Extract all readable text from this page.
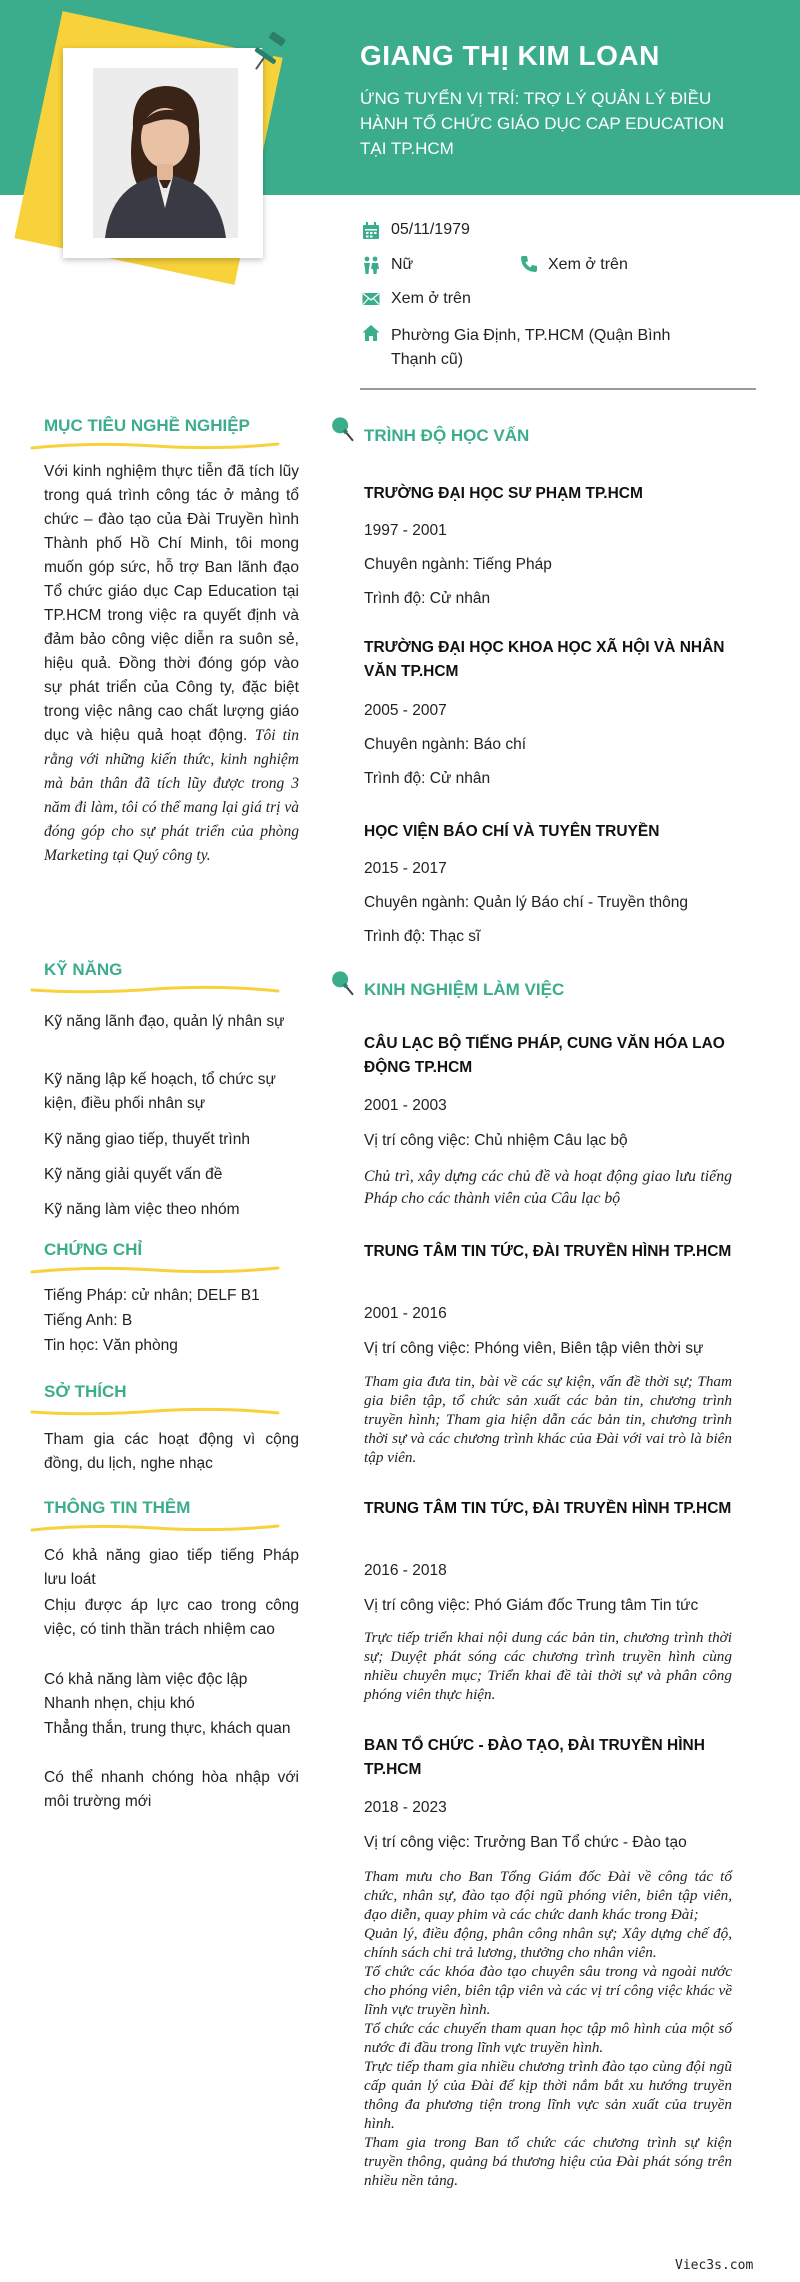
GIANG THỊ KIM LOAN
ỨNG TUYỂN VỊ TRÍ: TRỢ LÝ QUẢN LÝ ĐIỀU HÀNH TỔ CHỨC GIÁO DỤC CAP EDUCATION TẠI TP.HCM
05/11/1979
Nữ	Xem ở trên
Xem ở trên
Phường Gia Định, TP.HCM (Quận Bình Thạnh cũ)
MỤC TIÊU NGHỀ NGHIỆP
Với kinh nghiệm thực tiễn đã tích lũy trong quá trình công tác ở mảng tổ chức – đào tạo của Đài Truyền hình Thành phố Hồ Chí Minh, tôi mong muốn góp sức, hỗ trợ Ban lãnh đạo Tổ chức giáo dục Cap Education tại TP.HCM trong việc ra quyết định và đảm bảo công việc diễn ra suôn sẻ, hiệu quả. Đồng thời đóng góp vào sự phát triển của Công ty, đặc biệt trong việc nâng cao chất lượng giáo dục và hiệu quả hoạt động. Tôi tin rằng với những kiến thức, kinh nghiệm mà bản thân đã tích lũy được trong 3 năm đi làm, tôi có thể mang lại giá trị và đóng góp cho sự phát triển của phòng Marketing tại Quý công ty.
KỸ NĂNG
Kỹ năng lãnh đạo, quản lý nhân sự
Kỹ năng lập kế hoạch, tổ chức sự kiện, điều phối nhân sự
Kỹ năng giao tiếp, thuyết trình
Kỹ năng giải quyết vấn đề
Kỹ năng làm việc theo nhóm
CHỨNG CHỈ
Tiếng Pháp: cử nhân; DELF B1
Tiếng Anh: B
Tin học: Văn phòng
SỞ THÍCH
Tham gia các hoạt động vì cộng đồng, du lịch, nghe nhạc
THÔNG TIN THÊM
Có khả năng giao tiếp tiếng Pháp lưu loát
Chịu được áp lực cao trong công việc, có tinh thần trách nhiệm cao
Có khả năng làm việc độc lập
Nhanh nhẹn, chịu khó
Thẳng thắn, trung thực, khách quan
Có thể nhanh chóng hòa nhập với môi trường mới
TRÌNH ĐỘ HỌC VẤN
TRƯỜNG ĐẠI HỌC SƯ PHẠM TP.HCM
1997 - 2001
Chuyên ngành: Tiếng Pháp
Trình độ: Cử nhân
TRƯỜNG ĐẠI HỌC KHOA HỌC XÃ HỘI VÀ NHÂN VĂN TP.HCM
2005 - 2007
Chuyên ngành: Báo chí
Trình độ: Cử nhân
HỌC VIỆN BÁO CHÍ VÀ TUYÊN TRUYỀN
2015 - 2017
Chuyên ngành: Quản lý Báo chí - Truyền thông
Trình độ: Thạc sĩ
KINH NGHIỆM LÀM VIỆC
CÂU LẠC BỘ TIẾNG PHÁP, CUNG VĂN HÓA LAO ĐỘNG TP.HCM
2001 - 2003
Vị trí công việc: Chủ nhiệm Câu lạc bộ
Chủ trì, xây dựng các chủ đề và hoạt động giao lưu tiếng Pháp cho các thành viên của Câu lạc bộ
TRUNG TÂM TIN TỨC, ĐÀI TRUYỀN HÌNH TP.HCM
2001 - 2016
Vị trí công việc: Phóng viên, Biên tập viên thời sự
Tham gia đưa tin, bài về các sự kiện, vấn đề thời sự; Tham gia biên tập, tổ chức sản xuất các bản tin, chương trình truyền hình; Tham gia hiện dẫn các bản tin, chương trình thời sự và các chương trình khác của Đài với vai trò là biên tập viên.
TRUNG TÂM TIN TỨC, ĐÀI TRUYỀN HÌNH TP.HCM
2016 - 2018
Vị trí công việc: Phó Giám đốc Trung tâm Tin tức
Trực tiếp triển khai nội dung các bản tin, chương trình thời sự; Duyệt phát sóng các chương trình truyền hình cùng nhiều chuyên mục; Triển khai đề tài thời sự và phân công phóng viên thực hiện.
BAN TỔ CHỨC - ĐÀO TẠO, ĐÀI TRUYỀN HÌNH TP.HCM
2018 - 2023
Vị trí công việc: Trưởng Ban Tổ chức - Đào tạo
Tham mưu cho Ban Tổng Giám đốc Đài về công tác tổ chức, nhân sự, đào tạo đội ngũ phóng viên, biên tập viên, đạo diễn, quay phim và các chức danh khác trong Đài;
Quản lý, điều động, phân công nhân sự; Xây dựng chế độ, chính sách chi trả lương, thưởng cho nhân viên.
Tổ chức các khóa đào tạo chuyên sâu trong và ngoài nước cho phóng viên, biên tập viên và các vị trí công việc khác về lĩnh vực truyền hình.
Tổ chức các chuyến tham quan học tập mô hình của một số nước đi đầu trong lĩnh vực truyền hình.
Trực tiếp tham gia nhiều chương trình đào tạo cùng đội ngũ cấp quản lý của Đài để kịp thời nắm bắt xu hướng truyền thông đa phương tiện trong lĩnh vực sản xuất của truyền hình.
Tham gia trong Ban tổ chức các chương trình sự kiện truyền thông, quảng bá thương hiệu của Đài phát sóng trên nhiều nền tảng.
Viec3s.com
